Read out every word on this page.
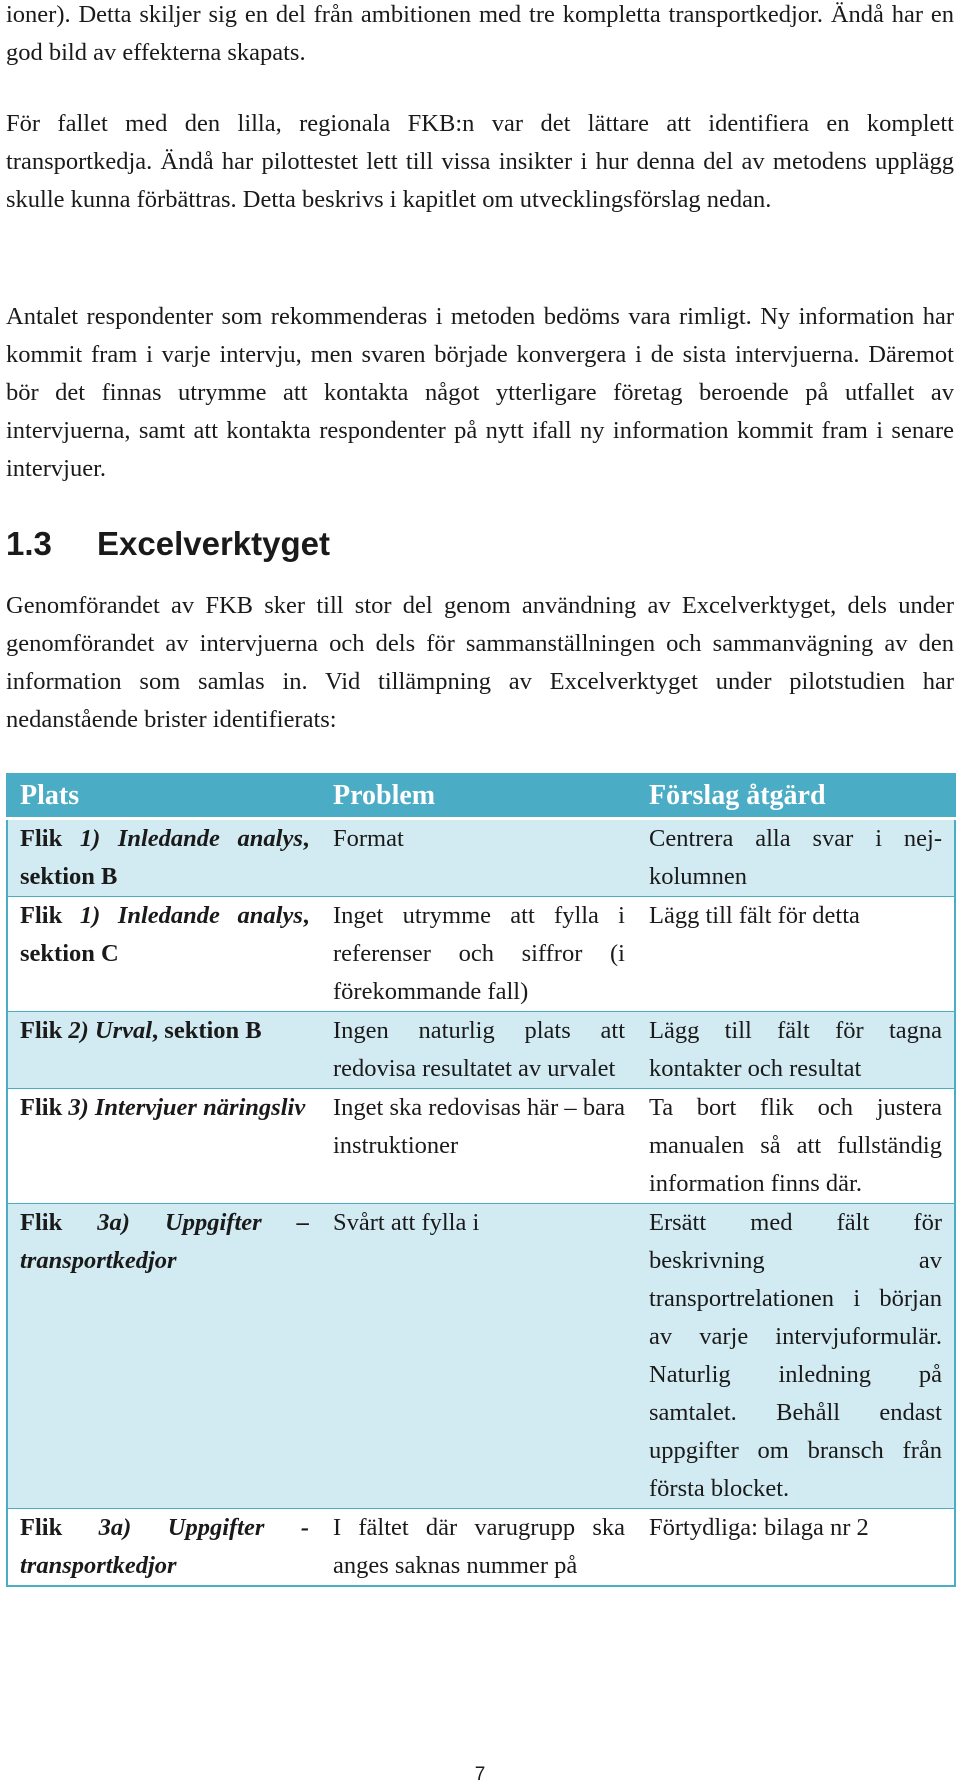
ioner). Detta skiljer sig en del från ambitionen med tre kompletta transportkedjor. Ändå har en god bild av effekterna skapats.

För fallet med den lilla, regionala FKB:n var det lättare att identifiera en komplett transportkedja. Ändå har pilottestet lett till vissa insikter i hur denna del av metodens upplägg skulle kunna förbättras. Detta beskrivs i kapitlet om utvecklingsförslag nedan.

Antalet respondenter som rekommenderas i metoden bedöms vara rimligt. Ny information har kommit fram i varje intervju, men svaren började konvergera i de sista intervjuerna. Däremot bör det finnas utrymme att kontakta något ytterligare företag beroende på utfallet av intervjuerna, samt att kontakta respondenter på nytt ifall ny information kommit fram i senare intervjuer.

1.3 Excelverktyget

Genomförandet av FKB sker till stor del genom användning av Excelverktyget, dels under genomförandet av intervjuerna och dels för sammanställningen och sammanvägning av den information som samlas in. Vid tillämpning av Excelverktyget under pilotstudien har nedanstående brister identifierats:

Plats	Problem	Förslag åtgärd
Flik 1) Inledande analys, sektion B	Format	Centrera alla svar i nej-kolumnen
Flik 1) Inledande analys, sektion C	Inget utrymme att fylla i referenser och siffror (i förekommande fall)	Lägg till fält för detta
Flik 2) Urval, sektion B	Ingen naturlig plats att redovisa resultatet av urvalet	Lägg till fält för tagna kontakter och resultat
Flik 3) Intervjuer näringsliv	Inget ska redovisas här – bara instruktioner	Ta bort flik och justera manualen så att fullständig information finns där.
Flik 3a) Uppgifter – transportkedjor	Svårt att fylla i	Ersätt med fält för beskrivning av transportrelationen i början av varje intervjuformulär. Naturlig inledning på samtalet. Behåll endast uppgifter om bransch från första blocket.
Flik 3a) Uppgifter - transportkedjor	I fältet där varugrupp ska anges saknas nummer på	Förtydliga: bilaga nr 2
7
